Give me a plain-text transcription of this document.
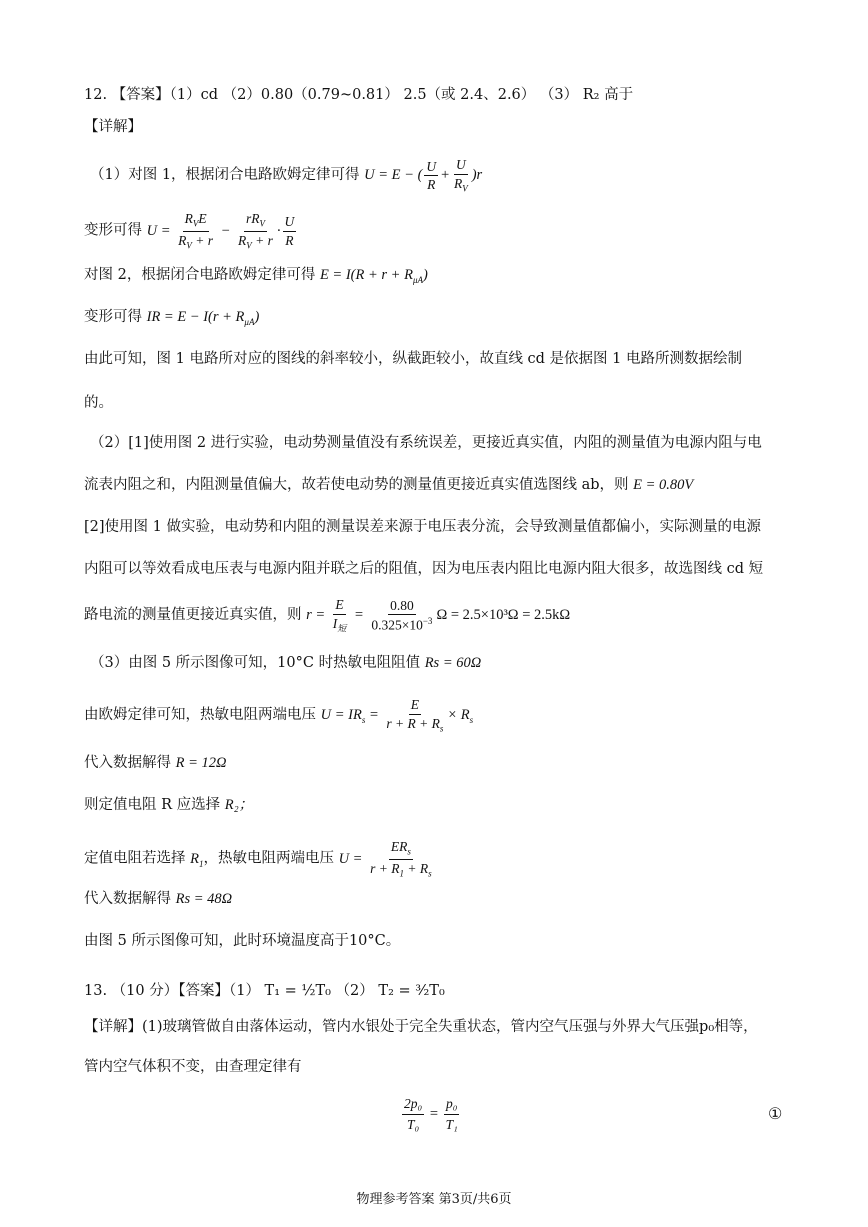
12. 【答案】（1）cd （2）0.80（0.79~0.81） 2.5（或 2.4、2.6） （3） R₂ 高于
【详解】
（1）对图 1，根据闭合电路欧姆定律可得 U = E − ( $\frac{U}{R} + \frac{U}{R_V} )r$
变形可得 $U = \frac{R_VE}{R_V + r} - \frac{rR_V}{R_V + r} \cdot \frac{U}{R}$
对图 2，根据闭合电路欧姆定律可得 $E = I(R + r + R_{\mu A})$
变形可得 IR = $E - I(r + R_{\mu A})$
由此可知，图 1 电路所对应的图线的斜率较小，纵截距较小，故直线 cd 是依据图 1 电路所测数据绘制
的。
（2）[1]使用图 2 进行实验，电动势测量值没有系统误差，更接近真实值，内阻的测量值为电源内阻与电
流表内阻之和，内阻测量值偏大，故若使电动势的测量值更接近真实值选图线 ab，则 E = 0.80V
[2]使用图 1 做实验，电动势和内阻的测量误差来源于电压表分流，会导致测量值都偏小，实际测量的电源
内阻可以等效看成电压表与电源内阻并联之后的阻值，因为电压表内阻比电源内阻大很多，故选图线 cd 短
路电流的测量值更接近真实值，则 $r = \frac{E}{I_短} = \frac{0.80}{0.325\times 10^{-3}}$ Ω = 2.5×10³Ω = 2.5kΩ
（3）由图 5 所示图像可知，10°C 时热敏电阻阻值 Rs = 60Ω
由欧姆定律可知，热敏电阻两端电压 $U = IR_s = \frac{E}{r + R + R_s} \times R_s$
代入数据解得 R = 12Ω
则定值电阻 R 应选择 R₂；
定值电阻若选择 $R_1$，热敏电阻两端电压 $U = \frac{ER_s}{r + R_1 + R_s}$
代入数据解得 Rs = 48Ω
由图 5 所示图像可知，此时环境温度高于10°C。
13. （10 分）【答案】（1） T₁ = ½T₀ （2） T₂ = ³⁄₂T₀
【详解】(1)玻璃管做自由落体运动，管内水银处于完全失重状态，管内空气压强与外界大气压强p₀相等，
管内空气体积不变，由查理定律有
$\frac{\text{2p₀}}{\text{T₀}} = \frac{\text{p₀}}{\text{T₁}}$	①
物理参考答案 第3页/共6页
